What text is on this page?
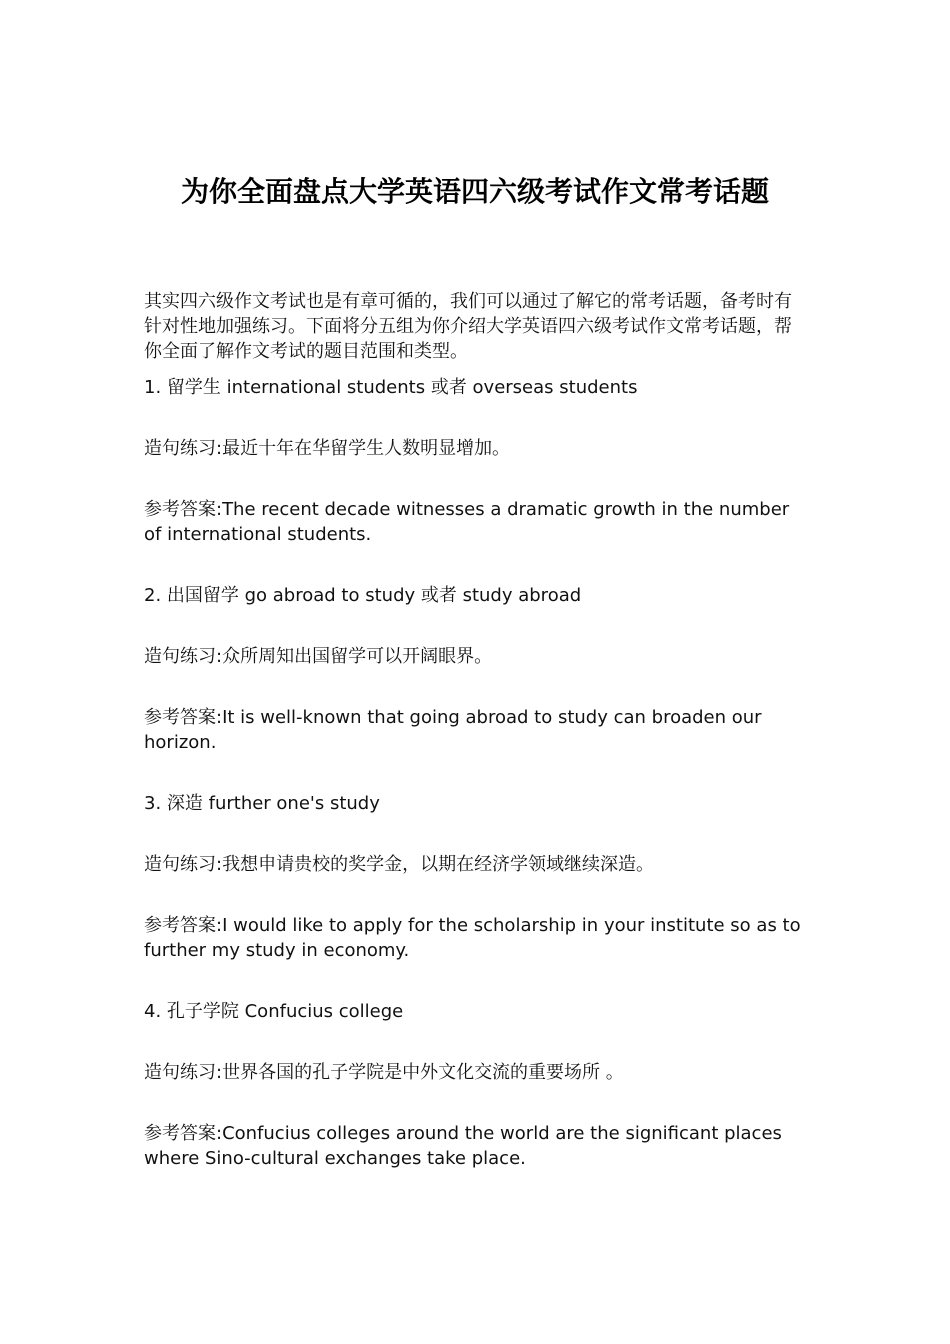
为你全面盘点大学英语四六级考试作文常考话题

其实四六级作文考试也是有章可循的，我们可以通过了解它的常考话题，备考时有针对性地加强练习。下面将分五组为你介绍大学英语四六级考试作文常考话题，帮你全面了解作文考试的题目范围和类型。

1. 留学生 international students 或者 overseas students

造句练习:最近十年在华留学生人数明显增加。

参考答案:The recent decade witnesses a dramatic growth in the number of international students.

2. 出国留学 go abroad to study 或者 study abroad

造句练习:众所周知出国留学可以开阔眼界。

参考答案:It is well-known that going abroad to study can broaden our horizon.

3. 深造 further one's study

造句练习:我想申请贵校的奖学金，以期在经济学领域继续深造。

参考答案:I would like to apply for the scholarship in your institute so as to further my study in economy.

4. 孔子学院 Confucius college

造句练习:世界各国的孔子学院是中外文化交流的重要场所 。

参考答案:Confucius colleges around the world are the significant places where Sino-cultural exchanges take place.
